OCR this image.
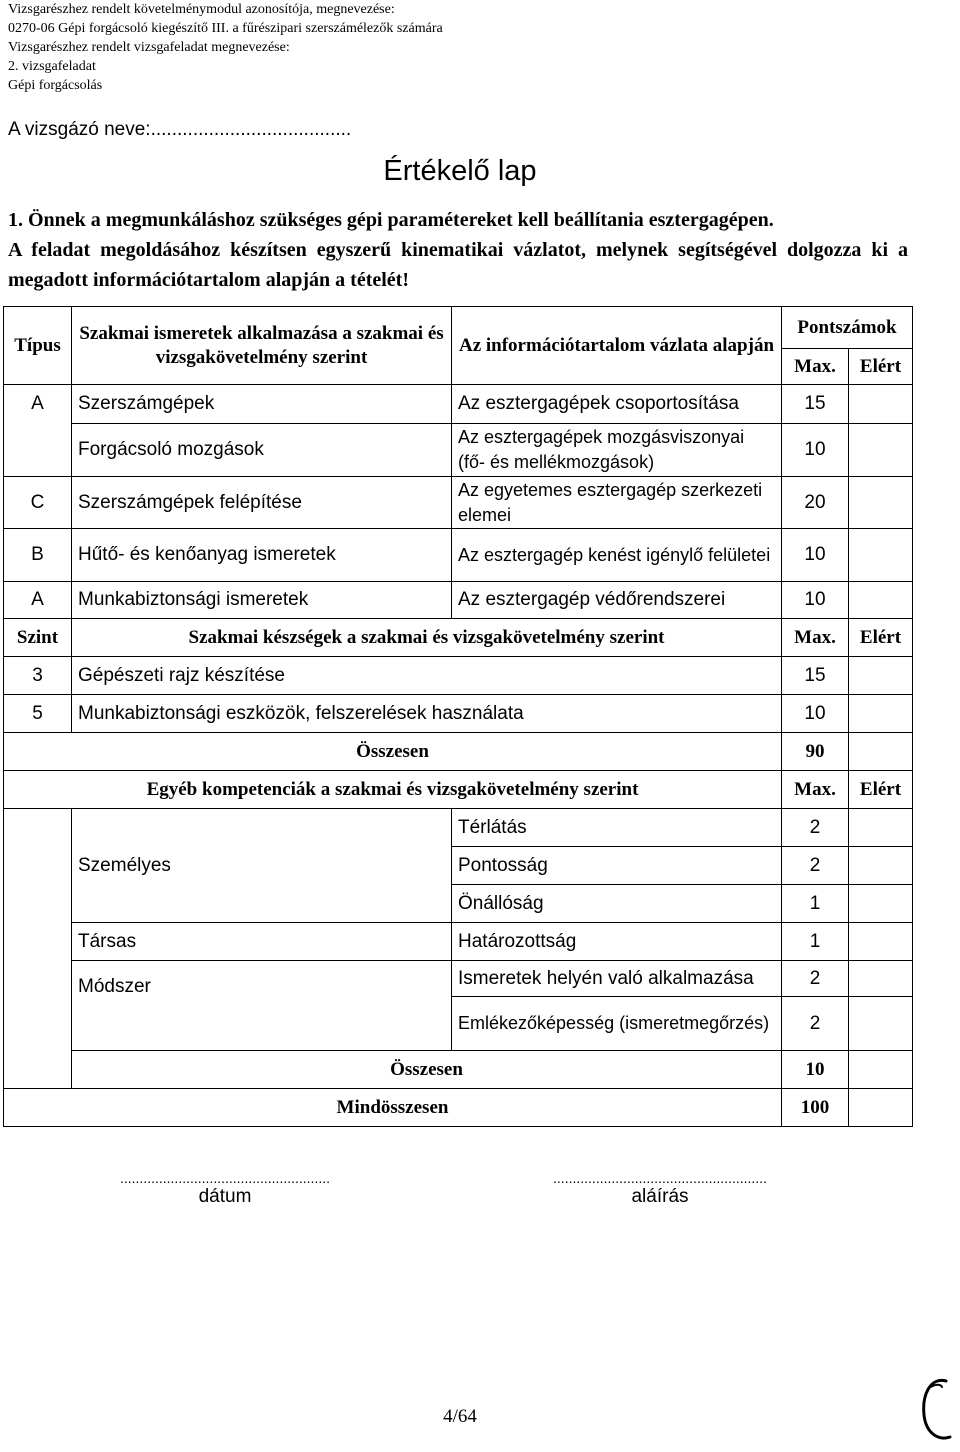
Vizsgarészhez rendelt követelménymodul azonosítója, megnevezése:
0270-06 Gépi forgácsoló kiegészítő III. a fűrészipari szerszámélezők számára
Vizsgarészhez rendelt vizsgafeladat megnevezése:
2. vizsgafeladat
Gépi forgácsolás
A vizsgázó neve:......................................
Értékelő lap

1. Önnek a megmunkáláshoz szükséges gépi paramétereket kell beállítania esztergagépen.

A feladat megoldásához készítsen egyszerű kinematikai vázlatot, melynek segítségével dolgozza ki a megadott információtartalom alapján a tételét!

Típus	Szakmai ismeretek alkalmazása a szakmai és vizsgakövetelmény szerint	Az információtartalom vázlata alapján	Pontszámok	
			Max.	Elért
A	Szerszámgépek	Az esztergagépek csoportosítása	15	
	Forgácsoló mozgások	Az esztergagépek mozgásviszonyai (fő- és mellékmozgások)	10	
C	Szerszámgépek felépítése	Az egyetemes esztergagép szerkezeti elemei	20	
B	Hűtő- és kenőanyag ismeretek	Az esztergagép kenést igénylő felületei	10	
A	Munkabiztonsági ismeretek	Az esztergagép védőrendszerei	10	
Szint	Szakmai készségek a szakmai és vizsgakövetelmény szerint		Max.	Elért
3	Gépészeti rajz készítése		15	
5	Munkabiztonsági eszközök, felszerelések használata		10	
Összesen			90	
Egyéb kompetenciák a szakmai és vizsgakövetelmény szerint			Max.	Elért
	Személyes	Térlátás	2	
		Pontosság	2	
		Önállóság	1	
	Társas	Határozottság	1	
	Módszer	Ismeretek helyén való alkalmazása	2	
		Emlékezőképesség (ismeretmegőrzés)	2	
	Összesen		10	
Mindösszesen			100	
......................................................
dátum
.......................................................
aláírás
4/64
